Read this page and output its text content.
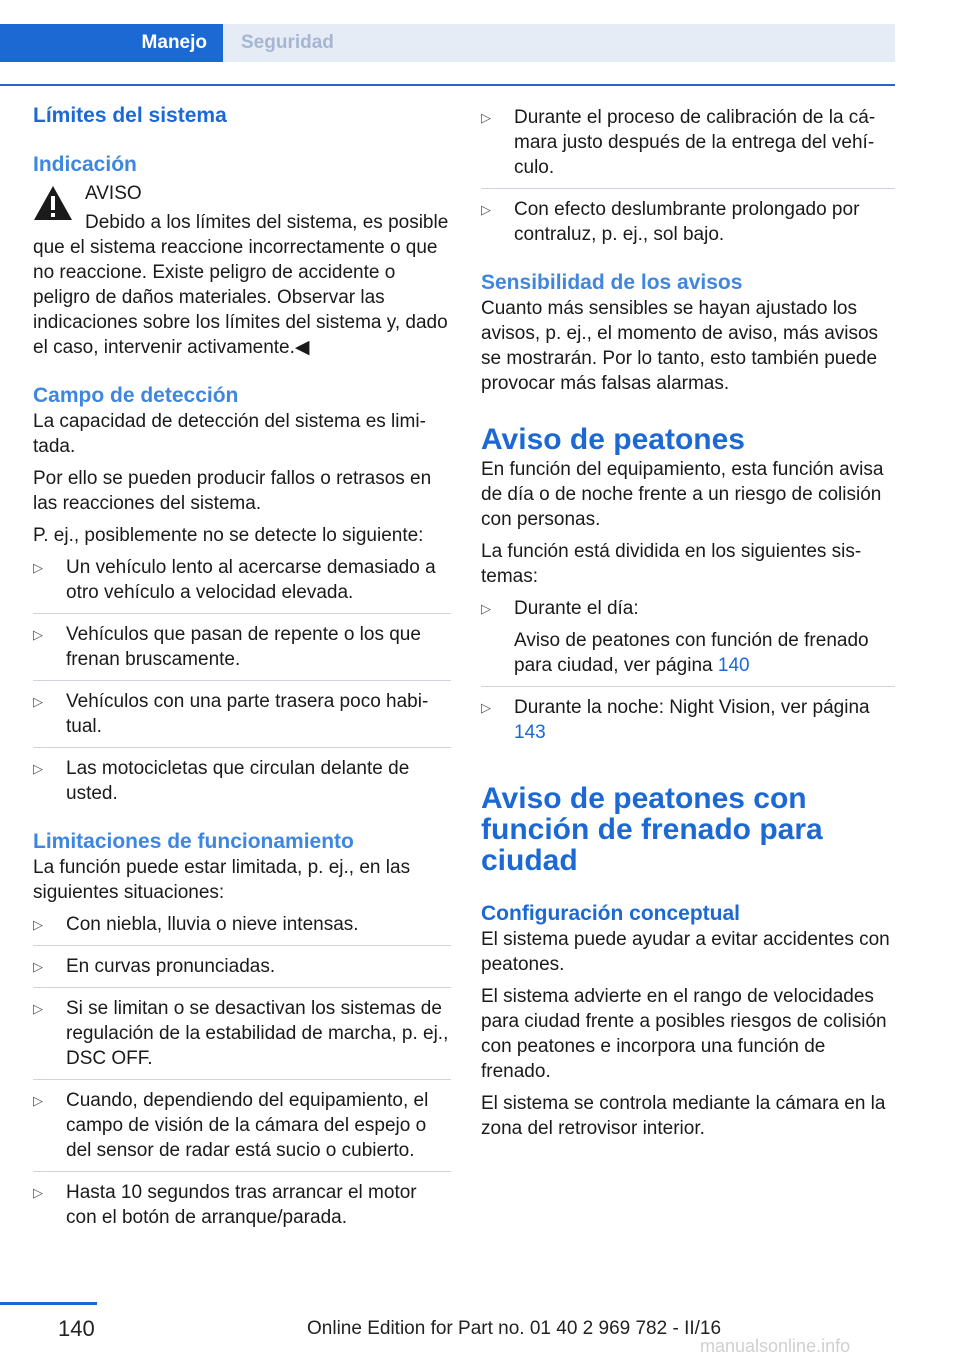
Manejo	Seguridad
Límites del sistema
Indicación

AVISO

Debido a los límites del sistema, es posible que el sistema reaccione incorrectamente o que no reaccione. Existe peligro de accidente o peligro de daños materiales. Observar las indicaciones sobre los límites del sistema y, dado el caso, intervenir activamente.◀

Campo de detección

La capacidad de detección del sistema es limitada.

Por ello se pueden producir fallos o retrasos en las reacciones del sistema.

P. ej., posiblemente no se detecte lo siguiente:

▷ Un vehículo lento al acercarse demasiado a otro vehículo a velocidad elevada.
▷ Vehículos que pasan de repente o los que frenan bruscamente.
▷ Vehículos con una parte trasera poco habitual.
▷ Las motocicletas que circulan delante de usted.
Limitaciones de funcionamiento

La función puede estar limitada, p. ej., en las siguientes situaciones:

▷ Con niebla, lluvia o nieve intensas.
▷ En curvas pronunciadas.
▷ Si se limitan o se desactivan los sistemas de regulación de la estabilidad de marcha, p. ej., DSC OFF.
▷ Cuando, dependiendo del equipamiento, el campo de visión de la cámara del espejo o del sensor de radar está sucio o cubierto.
▷ Hasta 10 segundos tras arrancar el motor con el botón de arranque/parada.
▷ Durante el proceso de calibración de la cámara justo después de la entrega del vehículo.
▷ Con efecto deslumbrante prolongado por contraluz, p. ej., sol bajo.
Sensibilidad de los avisos

Cuanto más sensibles se hayan ajustado los avisos, p. ej., el momento de aviso, más avisos se mostrarán. Por lo tanto, esto también puede provocar más falsas alarmas.

Aviso de peatones

En función del equipamiento, esta función avisa de día o de noche frente a un riesgo de colisión con personas.

La función está dividida en los siguientes sistemas:

▷ Durante el día:

Aviso de peatones con función de frenado para ciudad, ver página 140

▷ Durante la noche: Night Vision, ver página 143
Aviso de peatones con función de frenado para ciudad
Configuración conceptual

El sistema puede ayudar a evitar accidentes con peatones.

El sistema advierte en el rango de velocidades para ciudad frente a posibles riesgos de colisión con peatones e incorpora una función de frenado.

El sistema se controla mediante la cámara en la zona del retrovisor interior.

140	Online Edition for Part no. 01 40 2 969 782 - II/16
manualsonline.info
